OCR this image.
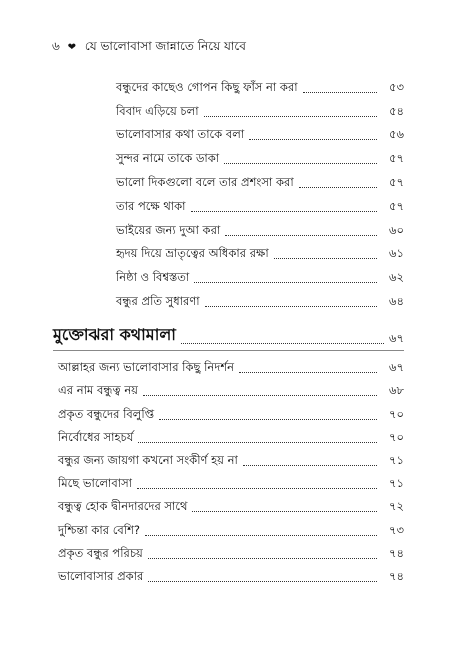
৬ ❤ যে ভালোবাসা জান্নাতে নিয়ে যাবে
বন্ধুদের কাছেও গোপন কিছু ফাঁস না করা	৫৩
বিবাদ এড়িয়ে চলা	৫৪
ভালোবাসার কথা তাকে বলা	৫৬
সুন্দর নামে তাকে ডাকা	৫৭
ভালো দিকগুলো বলে তার প্রশংসা করা	৫৭
তার পক্ষে থাকা	৫৭
ভাইয়ের জন্য দুআ করা	৬০
হৃদয় দিয়ে ভ্রাতৃত্বের অধিকার রক্ষা	৬১
নিষ্ঠা ও বিশ্বস্ততা	৬২
বন্ধুর প্রতি সুধারণা	৬৪
মুক্তোঝরা কথামালা	৬৭
আল্লাহর জন্য ভালোবাসার কিছু নিদর্শন	৬৭
এর নাম বন্ধুত্ব নয়	৬৮
প্রকৃত বন্ধুদের বিলুপ্তি	৭০
নির্বোধের সাহচর্য	৭০
বন্ধুর জন্য জায়গা কখনো সংকীর্ণ হয় না	৭১
মিছে ভালোবাসা	৭১
বন্ধুত্ব হোক দ্বীনদারদের সাথে	৭২
দুশ্চিন্তা কার বেশি?	৭৩
প্রকৃত বন্ধুর পরিচয়	৭৪
ভালোবাসার প্রকার	৭৪
